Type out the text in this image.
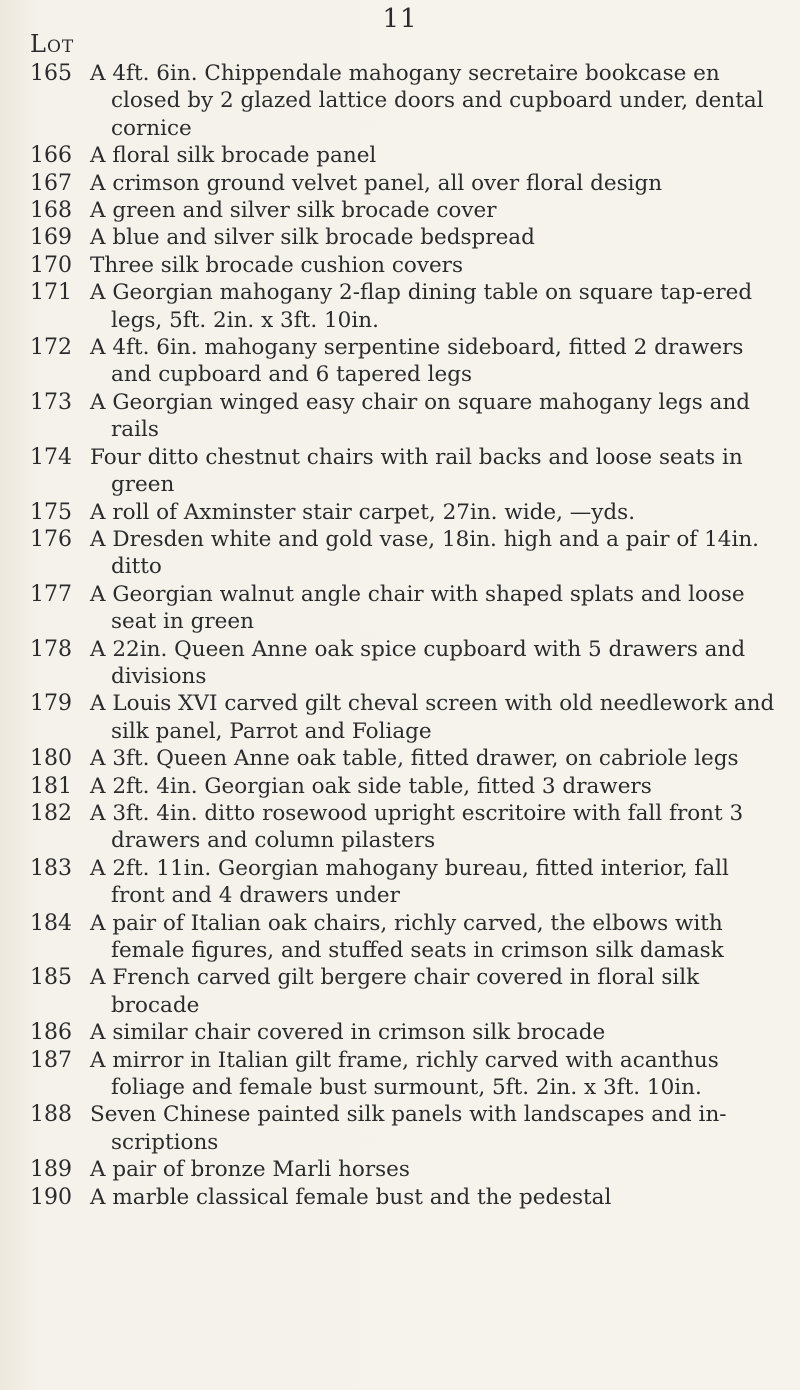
11
Lot
165 A 4ft. 6in. Chippendale mahogany secretaire bookcase en closed by 2 glazed lattice doors and cupboard under, dental cornice
166 A floral silk brocade panel
167 A crimson ground velvet panel, all over floral design
168 A green and silver silk brocade cover
169 A blue and silver silk brocade bedspread
170 Three silk brocade cushion covers
171 A Georgian mahogany 2-flap dining table on square tap-ered legs, 5ft. 2in. x 3ft. 10in.
172 A 4ft. 6in. mahogany serpentine sideboard, fitted 2 drawers and cupboard and 6 tapered legs
173 A Georgian winged easy chair on square mahogany legs and rails
174 Four ditto chestnut chairs with rail backs and loose seats in green
175 A roll of Axminster stair carpet, 27in. wide, —yds.
176 A Dresden white and gold vase, 18in. high and a pair of 14in. ditto
177 A Georgian walnut angle chair with shaped splats and loose seat in green
178 A 22in. Queen Anne oak spice cupboard with 5 drawers and divisions
179 A Louis XVI carved gilt cheval screen with old needlework and silk panel, Parrot and Foliage
180 A 3ft. Queen Anne oak table, fitted drawer, on cabriole legs
181 A 2ft. 4in. Georgian oak side table, fitted 3 drawers
182 A 3ft. 4in. ditto rosewood upright escritoire with fall front 3 drawers and column pilasters
183 A 2ft. 11in. Georgian mahogany bureau, fitted interior, fall front and 4 drawers under
184 A pair of Italian oak chairs, richly carved, the elbows with female figures, and stuffed seats in crimson silk damask
185 A French carved gilt bergere chair covered in floral silk brocade
186 A similar chair covered in crimson silk brocade
187 A mirror in Italian gilt frame, richly carved with acanthus foliage and female bust surmount, 5ft. 2in. x 3ft. 10in.
188 Seven Chinese painted silk panels with landscapes and in-scriptions
189 A pair of bronze Marli horses
190 A marble classical female bust and the pedestal
